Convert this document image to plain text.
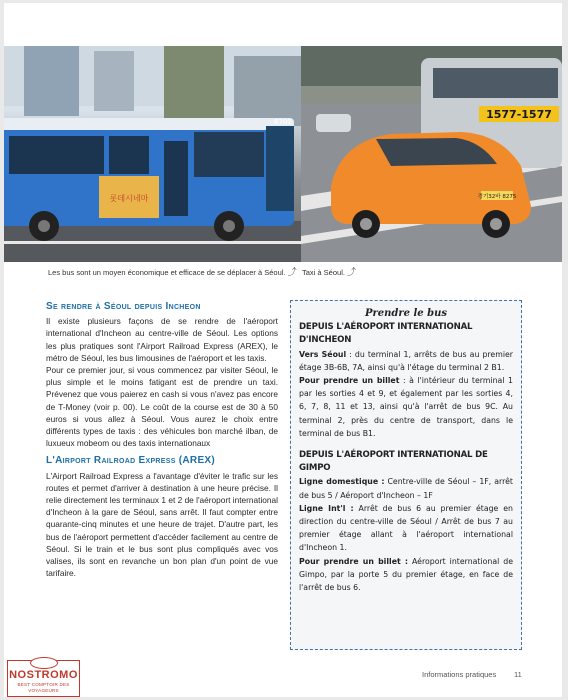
롯데시네마
6701
1577-1577
경기32바 8275
Les bus sont un moyen économique et efficace de se déplacer à Séoul. ⤴ Taxi à Séoul. ⤴
Se rendre à Séoul depuis Incheon

Il existe plusieurs façons de se rendre de l'aéroport international d'Incheon au centre-ville de Séoul. Les options les plus pratiques sont l'Airport Railroad Express (AREX), le métro de Séoul, les bus limousines de l'aéroport et les taxis.

Pour ce premier jour, si vous commencez par visiter Séoul, le plus simple et le moins fatigant est de prendre un taxi. Prévenez que vous paierez en cash si vous n'avez pas encore de T-Money (voir p. 00). Le coût de la course est de 30 à 50 euros si vous allez à Séoul. Vous aurez le choix entre différents types de taxis : des véhicules bon marché ilban, de luxueux mobeom ou des taxis internationaux

L'Airport Railroad Express (AREX)

L'Airport Railroad Express a l'avantage d'éviter le trafic sur les routes et permet d'arriver à destination à une heure précise. Il relie directement les terminaux 1 et 2 de l'aéroport international d'Incheon à la gare de Séoul, sans arrêt. Il faut compter entre quarante-cinq minutes et une heure de trajet. D'autre part, les bus de l'aéroport permettent d'accéder facilement au centre de Séoul. Si le train et le bus sont plus compliqués avec vos valises, ils sont en revanche un bon plan d'un point de vue tarifaire.

Prendre le bus
DEPUIS L'AÉROPORT INTERNATIONAL D'INCHEON

Vers Séoul : du terminal 1, arrêts de bus au premier étage 3B-6B, 7A, ainsi qu'à l'étage du terminal 2 B1.

Pour prendre un billet : à l'intérieur du terminal 1 par les sorties 4 et 9, et également par les sorties 4, 6, 7, 8, 11 et 13, ainsi qu'à l'arrêt de bus 9C. Au terminal 2, près du centre de transport, dans le terminal de bus B1.

DEPUIS L'AÉROPORT INTERNATIONAL DE GIMPO

Ligne domestique : Centre-ville de Séoul – 1F, arrêt de bus 5 / Aéroport d'Incheon – 1F

Ligne Int'l : Arrêt de bus 6 au premier étage en direction du centre-ville de Séoul / Arrêt de bus 7 au premier étage allant à l'aéroport international d'Incheon 1.

Pour prendre un billet : Aéroport international de Gimpo, par la porte 5 du premier étage, en face de l'arrêt de bus 6.

NOSTROMO
BEST COMPTOIR DES VOYAGEURS
Informations pratiques 11
